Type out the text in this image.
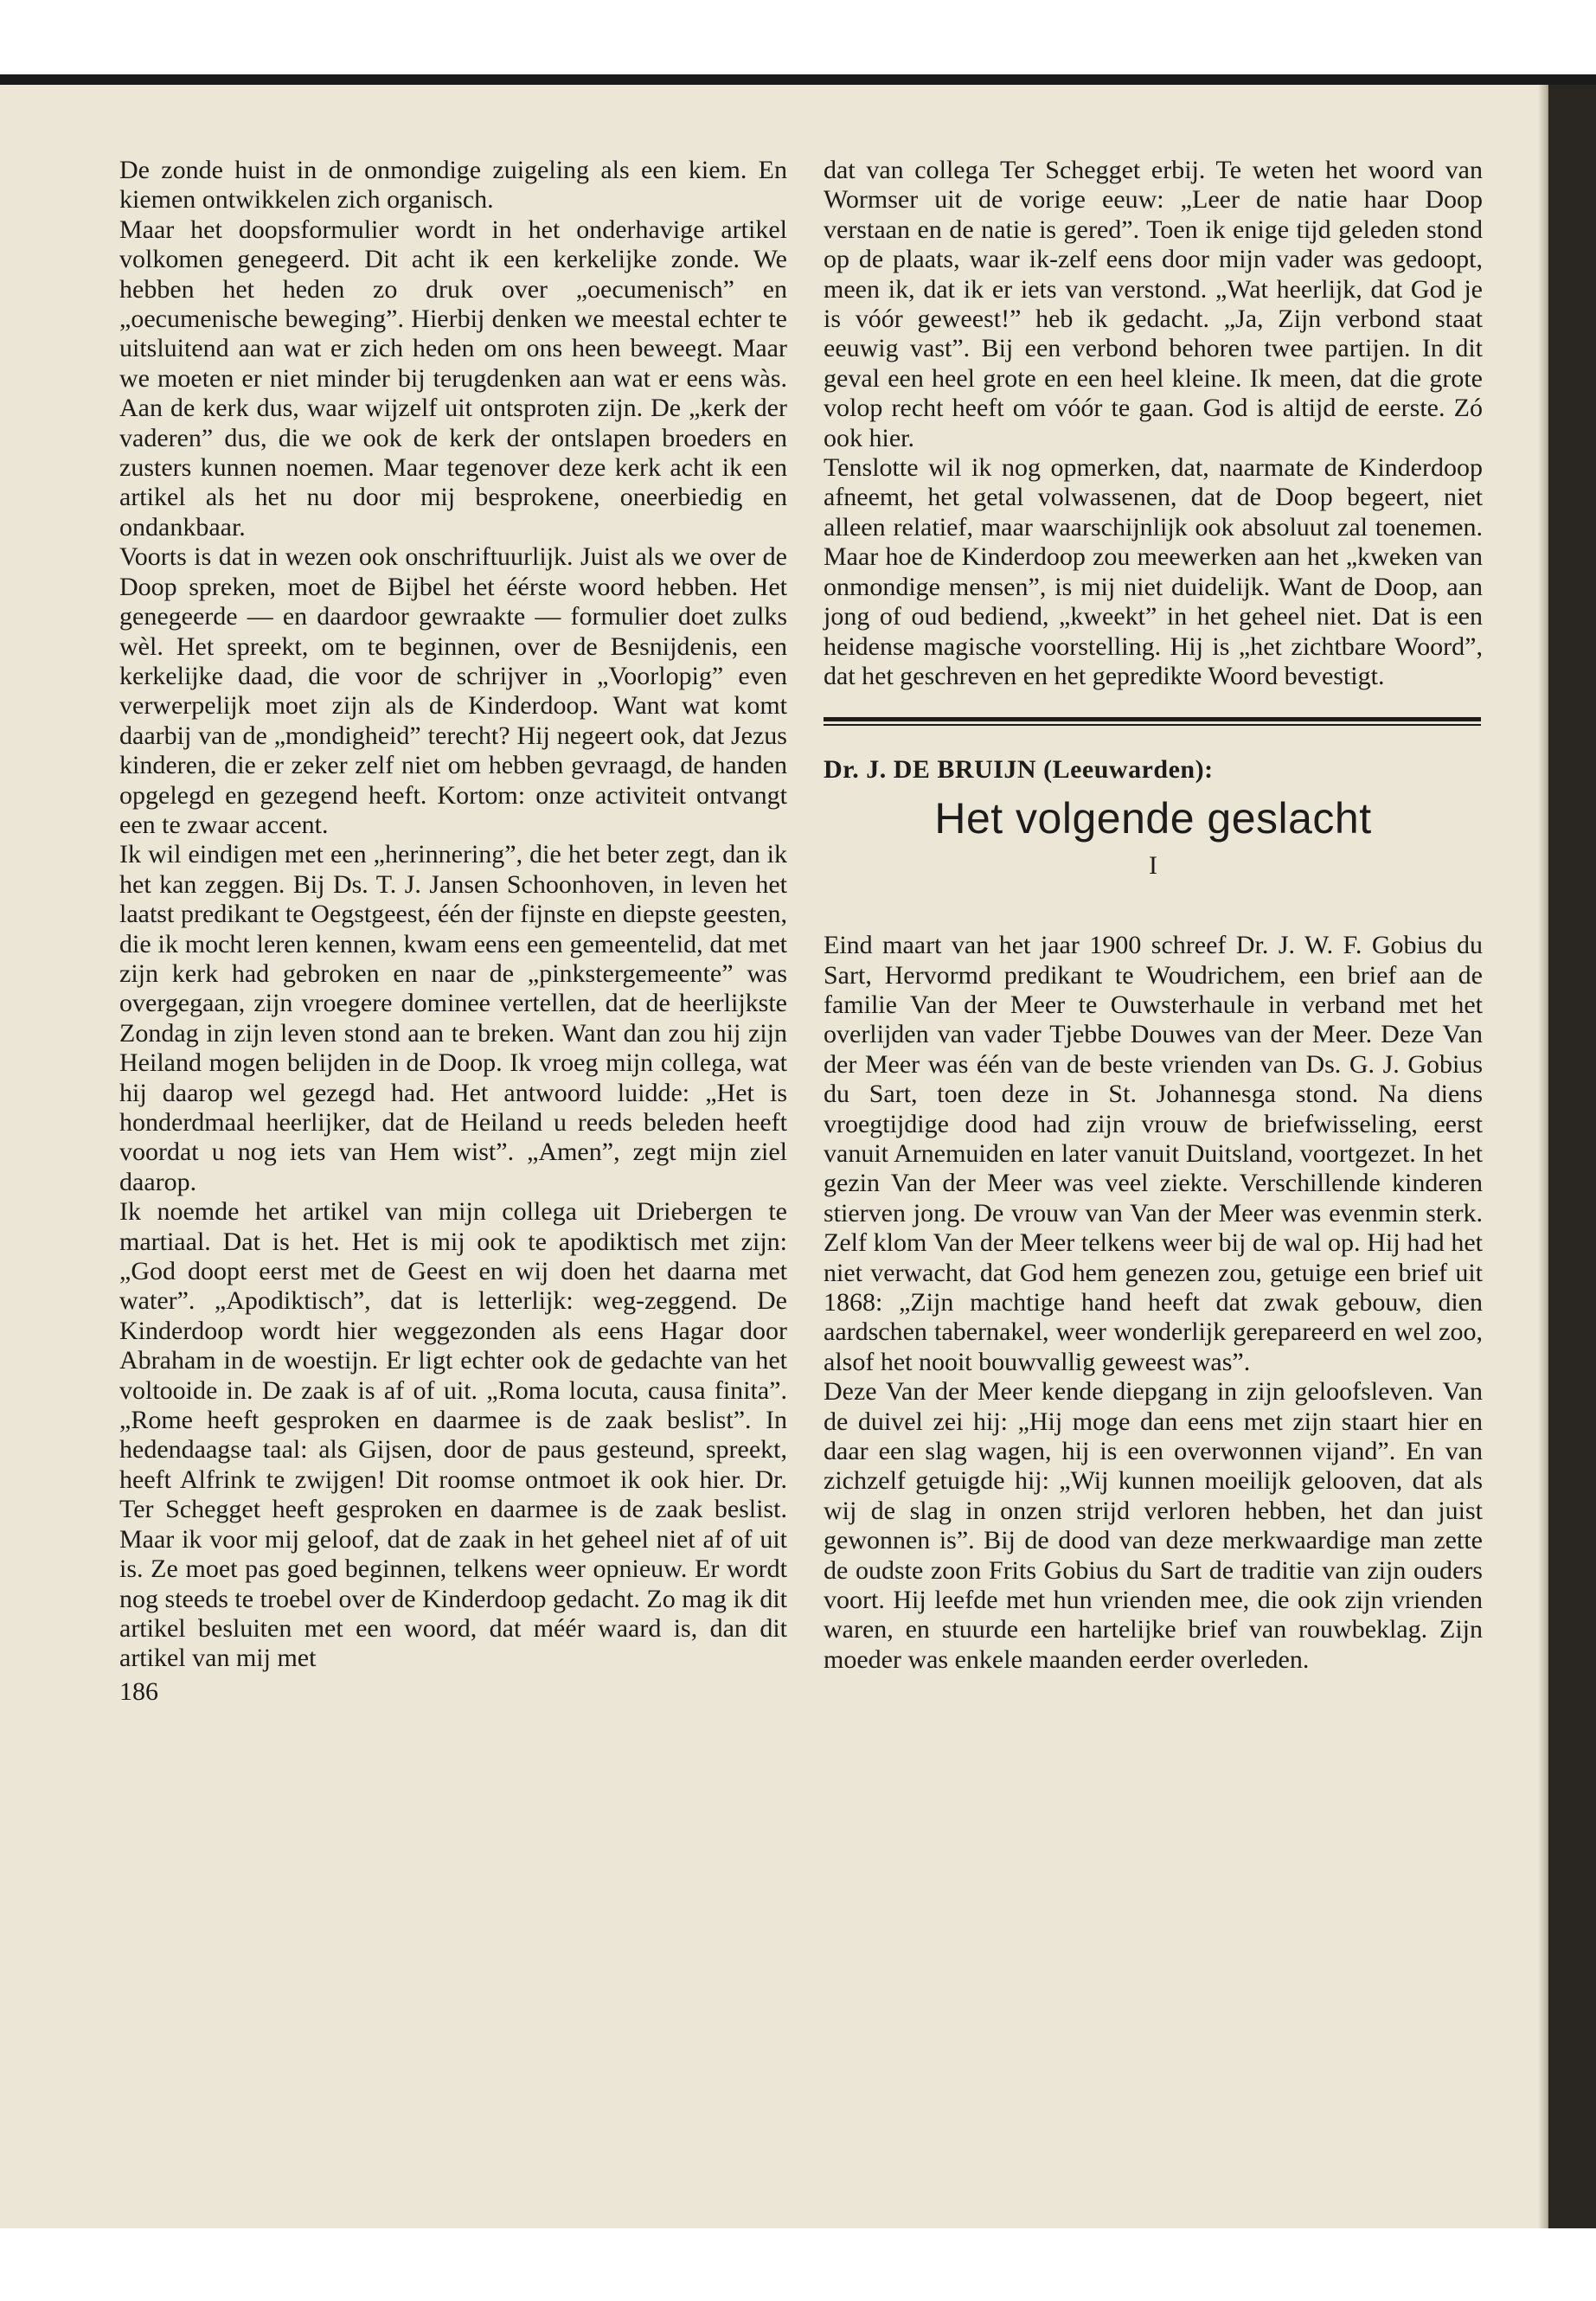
De zonde huist in de onmondige zuigeling als een kiem. En kiemen ontwikkelen zich organisch.

Maar het doopsformulier wordt in het onderhavige artikel volkomen genegeerd. Dit acht ik een kerkelijke zonde. We hebben het heden zo druk over „oecumenisch” en „oecumenische beweging”. Hierbij denken we meestal echter te uitsluitend aan wat er zich heden om ons heen beweegt. Maar we moeten er niet minder bij terugdenken aan wat er eens wàs. Aan de kerk dus, waar wijzelf uit ontsproten zijn. De „kerk der vaderen” dus, die we ook de kerk der ontslapen broeders en zusters kunnen noemen. Maar tegenover deze kerk acht ik een artikel als het nu door mij besprokene, oneerbiedig en ondankbaar.

Voorts is dat in wezen ook onschriftuurlijk. Juist als we over de Doop spreken, moet de Bijbel het éérste woord hebben. Het genegeerde — en daardoor gewraakte — formulier doet zulks wèl. Het spreekt, om te beginnen, over de Besnijdenis, een kerkelijke daad, die voor de schrijver in „Voorlopig” even verwerpelijk moet zijn als de Kinderdoop. Want wat komt daarbij van de „mondigheid” terecht? Hij negeert ook, dat Jezus kinderen, die er zeker zelf niet om hebben gevraagd, de handen opgelegd en gezegend heeft. Kortom: onze activiteit ontvangt een te zwaar accent.

Ik wil eindigen met een „herinnering”, die het beter zegt, dan ik het kan zeggen. Bij Ds. T. J. Jansen Schoonhoven, in leven het laatst predikant te Oegstgeest, één der fijnste en diepste geesten, die ik mocht leren kennen, kwam eens een gemeentelid, dat met zijn kerk had gebroken en naar de „pinkstergemeente” was overgegaan, zijn vroegere dominee vertellen, dat de heerlijkste Zondag in zijn leven stond aan te breken. Want dan zou hij zijn Heiland mogen belijden in de Doop. Ik vroeg mijn collega, wat hij daarop wel gezegd had. Het antwoord luidde: „Het is honderdmaal heerlijker, dat de Heiland u reeds beleden heeft voordat u nog iets van Hem wist”. „Amen”, zegt mijn ziel daarop.

Ik noemde het artikel van mijn collega uit Driebergen te martiaal. Dat is het. Het is mij ook te apodiktisch met zijn: „God doopt eerst met de Geest en wij doen het daarna met water”. „Apodiktisch”, dat is letterlijk: weg-zeggend. De Kinderdoop wordt hier weggezonden als eens Hagar door Abraham in de woestijn. Er ligt echter ook de gedachte van het voltooide in. De zaak is af of uit. „Roma locuta, causa finita”. „Rome heeft gesproken en daarmee is de zaak beslist”. In hedendaagse taal: als Gijsen, door de paus gesteund, spreekt, heeft Alfrink te zwijgen! Dit roomse ontmoet ik ook hier. Dr. Ter Schegget heeft gesproken en daarmee is de zaak beslist. Maar ik voor mij geloof, dat de zaak in het geheel niet af of uit is. Ze moet pas goed beginnen, telkens weer opnieuw. Er wordt nog steeds te troebel over de Kinderdoop gedacht. Zo mag ik dit artikel besluiten met een woord, dat méér waard is, dan dit artikel van mij met

186

dat van collega Ter Schegget erbij. Te weten het woord van Wormser uit de vorige eeuw: „Leer de natie haar Doop verstaan en de natie is gered”. Toen ik enige tijd geleden stond op de plaats, waar ik-zelf eens door mijn vader was gedoopt, meen ik, dat ik er iets van verstond. „Wat heerlijk, dat God je is vóór geweest!” heb ik gedacht. „Ja, Zijn verbond staat eeuwig vast”. Bij een verbond behoren twee partijen. In dit geval een heel grote en een heel kleine. Ik meen, dat die grote volop recht heeft om vóór te gaan. God is altijd de eerste. Zó ook hier.

Tenslotte wil ik nog opmerken, dat, naarmate de Kinderdoop afneemt, het getal volwassenen, dat de Doop begeert, niet alleen relatief, maar waarschijnlijk ook absoluut zal toenemen. Maar hoe de Kinderdoop zou meewerken aan het „kweken van onmondige mensen”, is mij niet duidelijk. Want de Doop, aan jong of oud bediend, „kweekt” in het geheel niet. Dat is een heidense magische voorstelling. Hij is „het zichtbare Woord”, dat het geschreven en het gepredikte Woord bevestigt.

Dr. J. DE BRUIJN (Leeuwarden):
Het volgende geslacht
I

Eind maart van het jaar 1900 schreef Dr. J. W. F. Gobius du Sart, Hervormd predikant te Woudrichem, een brief aan de familie Van der Meer te Ouwsterhaule in verband met het overlijden van vader Tjebbe Douwes van der Meer. Deze Van der Meer was één van de beste vrienden van Ds. G. J. Gobius du Sart, toen deze in St. Johannesga stond. Na diens vroegtijdige dood had zijn vrouw de briefwisseling, eerst vanuit Arnemuiden en later vanuit Duitsland, voortgezet. In het gezin Van der Meer was veel ziekte. Verschillende kinderen stierven jong. De vrouw van Van der Meer was evenmin sterk. Zelf klom Van der Meer telkens weer bij de wal op. Hij had het niet verwacht, dat God hem genezen zou, getuige een brief uit 1868: „Zijn machtige hand heeft dat zwak gebouw, dien aardschen tabernakel, weer wonderlijk gerepareerd en wel zoo, alsof het nooit bouwvallig geweest was”.

Deze Van der Meer kende diepgang in zijn geloofsleven. Van de duivel zei hij: „Hij moge dan eens met zijn staart hier en daar een slag wagen, hij is een overwonnen vijand”. En van zichzelf getuigde hij: „Wij kunnen moeilijk gelooven, dat als wij de slag in onzen strijd verloren hebben, het dan juist gewonnen is”. Bij de dood van deze merkwaardige man zette de oudste zoon Frits Gobius du Sart de traditie van zijn ouders voort. Hij leefde met hun vrienden mee, die ook zijn vrienden waren, en stuurde een hartelijke brief van rouwbeklag. Zijn moeder was enkele maanden eerder overleden.
